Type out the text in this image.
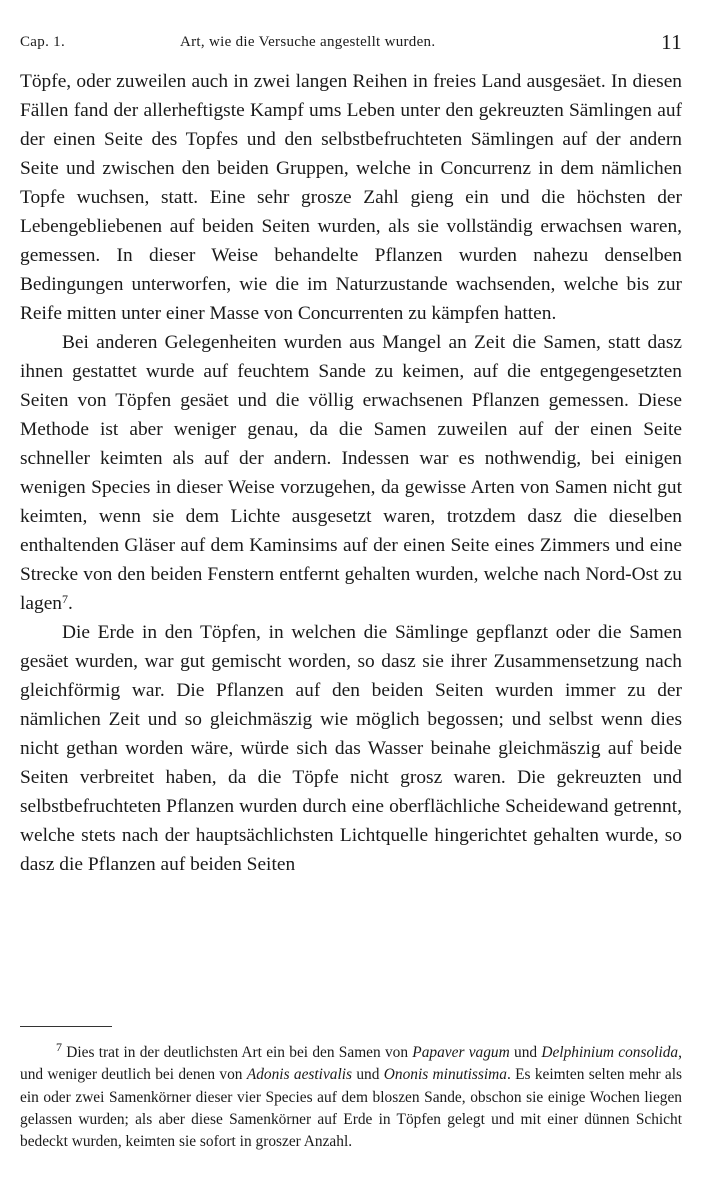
Cap. 1.	Art, wie die Versuche angestellt wurden.	11

Töpfe, oder zuweilen auch in zwei langen Reihen in freies Land ausgesäet. In diesen Fällen fand der allerheftigste Kampf ums Leben unter den gekreuzten Sämlingen auf der einen Seite des Topfes und den selbstbefruchteten Sämlingen auf der andern Seite und zwischen den beiden Gruppen, welche in Concurrenz in dem nämlichen Topfe wuchsen, statt. Eine sehr grosze Zahl gieng ein und die höchsten der Lebengebliebenen auf beiden Seiten wurden, als sie vollständig erwachsen waren, gemessen. In dieser Weise behandelte Pflanzen wurden nahezu denselben Bedingungen unterworfen, wie die im Naturzustande wachsenden, welche bis zur Reife mitten unter einer Masse von Concurrenten zu kämpfen hatten.

Bei anderen Gelegenheiten wurden aus Mangel an Zeit die Samen, statt dasz ihnen gestattet wurde auf feuchtem Sande zu keimen, auf die entgegengesetzten Seiten von Töpfen gesäet und die völlig erwachsenen Pflanzen gemessen. Diese Methode ist aber weniger genau, da die Samen zuweilen auf der einen Seite schneller keimten als auf der andern. Indessen war es nothwendig, bei einigen wenigen Species in dieser Weise vorzugehen, da gewisse Arten von Samen nicht gut keimten, wenn sie dem Lichte ausgesetzt waren, trotzdem dasz die dieselben enthaltenden Gläser auf dem Kaminsims auf der einen Seite eines Zimmers und eine Strecke von den beiden Fenstern entfernt gehalten wurden, welche nach Nord-Ost zu lagen$^7$.

Die Erde in den Töpfen, in welchen die Sämlinge gepflanzt oder die Samen gesäet wurden, war gut gemischt worden, so dasz sie ihrer Zusammensetzung nach gleichförmig war. Die Pflanzen auf den beiden Seiten wurden immer zu der nämlichen Zeit und so gleichmäszig wie möglich begossen; und selbst wenn dies nicht gethan worden wäre, würde sich das Wasser beinahe gleichmäszig auf beide Seiten verbreitet haben, da die Töpfe nicht grosz waren. Die gekreuzten und selbstbefruchteten Pflanzen wurden durch eine oberflächliche Scheidewand getrennt, welche stets nach der hauptsächlichsten Lichtquelle hingerichtet gehalten wurde, so dasz die Pflanzen auf beiden Seiten

$^7$ Dies trat in der deutlichsten Art ein bei den Samen von Papaver vagum und Delphinium consolida, und weniger deutlich bei denen von Adonis aestivalis und Ononis minutissima. Es keimten selten mehr als ein oder zwei Samenkörner dieser vier Species auf dem bloszen Sande, obschon sie einige Wochen liegen gelassen wurden; als aber diese Samenkörner auf Erde in Töpfen gelegt und mit einer dünnen Schicht bedeckt wurden, keimten sie sofort in groszer Anzahl.
